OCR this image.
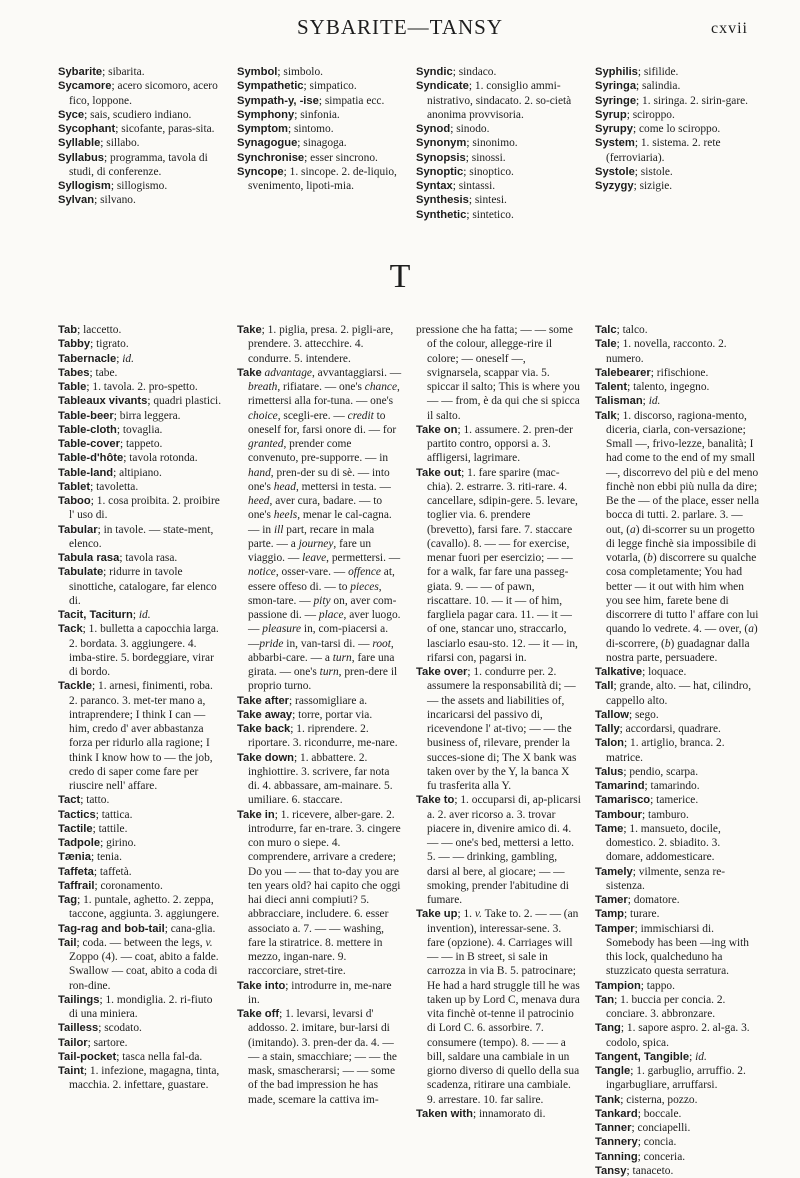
SYBARITE—TANSY	cxvii

Sybarite; sibarita.

Sycamore; acero sicomoro, acero fico, loppone.

Syce; sais, scudiero indiano.

Sycophant; sicofante, paras-sita.

Syllable; sillabo.

Syllabus; programma, tavola di studi, di conferenze.

Syllogism; sillogismo.

Sylvan; silvano.

Symbol; simbolo.

Sympathetic; simpatico.

Sympath-y, -ise; simpatia ecc.

Symphony; sinfonia.

Symptom; sintomo.

Synagogue; sinagoga.

Synchronise; esser sincrono.

Syncope; 1. sincope. 2. de-liquio, svenimento, lipoti-mia.

Syndic; sindaco.

Syndicate; 1. consiglio ammi-nistrativo, sindacato. 2. so-cietà anonima provvisoria.

Synod; sinodo.

Synonym; sinonimo.

Synopsis; sinossi.

Synoptic; sinoptico.

Syntax; sintassi.

Synthesis; sintesi.

Synthetic; sintetico.

Syphilis; sifilide.

Syringa; salindia.

Syringe; 1. siringa. 2. sirin-gare.

Syrup; sciroppo.

Syrupy; come lo sciroppo.

System; 1. sistema. 2. rete (ferroviaria).

Systole; sistole.

Syzygy; sizigie.

T

Tab; laccetto.

Tabby; tigrato.

Tabernacle; id.

Tabes; tabe.

Table; 1. tavola. 2. pro-spetto.

Tableaux vivants; quadri plastici.

Table-beer; birra leggera.

Table-cloth; tovaglia.

Table-cover; tappeto.

Table-d'hôte; tavola rotonda.

Table-land; altipiano.

Tablet; tavoletta.

Taboo; 1. cosa proibita. 2. proibire l' uso di.

Tabular; in tavole. — state-ment, elenco.

Tabula rasa; tavola rasa.

Tabulate; ridurre in tavole sinottiche, catalogare, far elenco di.

Tacit, Taciturn; id.

Tack; 1. bulletta a capocchia larga. 2. bordata. 3. aggiungere. 4. imba-stire. 5. bordeggiare, virar di bordo.

Tackle; 1. arnesi, finimenti, roba. 2. paranco. 3. met-ter mano a, intraprendere; I think I can — him, credo d' aver abbastanza forza per ridurlo alla ragione; I think I know how to — the job, credo di saper come fare per riuscire nell' affare.

Tact; tatto.

Tactics; tattica.

Tactile; tattile.

Tadpole; girino.

Tænia; tenia.

Taffeta; taffetà.

Taffrail; coronamento.

Tag; 1. puntale, aghetto. 2. zeppa, taccone, aggiunta. 3. aggiungere.

Tag-rag and bob-tail; cana-glia.

Tail; coda. — between the legs, v. Zoppo (4). — coat, abito a falde. Swallow — coat, abito a coda di ron-dine.

Tailings; 1. mondiglia. 2. ri-fiuto di una miniera.

Tailless; scodato.

Tailor; sartore.

Tail-pocket; tasca nella fal-da.

Taint; 1. infezione, magagna, tinta, macchia. 2. infettare, guastare.

Take; 1. piglia, presa. 2. pigli-are, prendere. 3. attecchire. 4. condurre. 5. intendere.

Take advantage, avvantaggiarsi. — breath, rifiatare. — one's chance, rimettersi alla for-tuna. — one's choice, scegli-ere. — credit to oneself for, farsi onore di. — for granted, prender come convenuto, pre-supporre. — in hand, pren-der su di sè. — into one's head, mettersi in testa. — heed, aver cura, badare. — to one's heels, menar le cal-cagna. — in ill part, recare in mala parte. — a journey, fare un viaggio. — leave, permettersi. — notice, osser-vare. — offence at, essere offeso di. — to pieces, smon-tare. — pity on, aver com-passione di. — place, aver luogo. — pleasure in, com-piacersi a. —pride in, van-tarsi di. — root, abbarbi-care. — a turn, fare una girata. — one's turn, pren-dere il proprio turno.

Take after; rassomigliare a.

Take away; torre, portar via.

Take back; 1. riprendere. 2. riportare. 3. ricondurre, me-nare.

Take down; 1. abbattere. 2. inghiottire. 3. scrivere, far nota di. 4. abbassare, am-mainare. 5. umiliare. 6. staccare.

Take in; 1. ricevere, alber-gare. 2. introdurre, far en-trare. 3. cingere con muro o siepe. 4. comprendere, arrivare a credere; Do you — — that to-day you are ten years old? hai capito che oggi hai dieci anni compiuti? 5. abbracciare, includere. 6. esser associato a. 7. — — washing, fare la stiratrice. 8. mettere in mezzo, ingan-nare. 9. raccorciare, stret-tire.

Take into; introdurre in, me-nare in.

Take off; 1. levarsi, levarsi d' addosso. 2. imitare, bur-larsi di (imitando). 3. pren-der da. 4. — — a stain, smacchiare; — — the mask, smascherarsi; — — some of the bad impression he has made, scemare la cattiva im-

pressione che ha fatta; — — some of the colour, allegge-rire il colore; — oneself —, svignarsela, scappar via. 5. spiccar il salto; This is where you — — from, è da qui che si spicca il salto.

Take on; 1. assumere. 2. pren-der partito contro, opporsi a. 3. affligersi, lagrimare.

Take out; 1. fare sparire (mac-chia). 2. estrarre. 3. riti-rare. 4. cancellare, sdipin-gere. 5. levare, toglier via. 6. prendere (brevetto), farsi fare. 7. staccare (cavallo). 8. — — for exercise, menar fuori per esercizio; — — for a walk, far fare una passeg-giata. 9. — — of pawn, riscattare. 10. — it — of him, fargliela pagar cara. 11. — it — of one, stancar uno, straccarlo, lasciarlo esau-sto. 12. — it — in, rifarsi con, pagarsi in.

Take over; 1. condurre per. 2. assumere la responsabilità di; — — the assets and liabilities of, incaricarsi del passivo di, ricevendone l' at-tivo; — — the business of, rilevare, prender la succes-sione di; The X bank was taken over by the Y, la banca X fu trasferita alla Y.

Take to; 1. occuparsi di, ap-plicarsi a. 2. aver ricorso a. 3. trovar piacere in, divenire amico di. 4. — — one's bed, mettersi a letto. 5. — — drinking, gambling, darsi al bere, al giocare; — — smoking, prender l'abitudine di fumare.

Take up; 1. v. Take to. 2. — — (an invention), interessar-sene. 3. fare (opzione). 4. Carriages will — — in B street, si sale in carrozza in via B. 5. patrocinare; He had a hard struggle till he was taken up by Lord C, menava dura vita finchè ot-tenne il patrocinio di Lord C. 6. assorbire. 7. consumere (tempo). 8. — — a bill, saldare una cambiale in un giorno diverso di quello della sua scadenza, ritirare una cambiale. 9. arrestare. 10. far salire.

Taken with; innamorato di.

Talc; talco.

Tale; 1. novella, racconto. 2. numero.

Talebearer; rifischione.

Talent; talento, ingegno.

Talisman; id.

Talk; 1. discorso, ragiona-mento, diceria, ciarla, con-versazione; Small —, frivo-lezze, banalità; I had come to the end of my small —, discorrevo del più e del meno finchè non ebbi più nulla da dire; Be the — of the place, esser nella bocca di tutti. 2. parlare. 3. — out, (a) di-scorrer su un progetto di legge finchè sia impossibile di votarla, (b) discorrere su qualche cosa completamente; You had better — it out with him when you see him, farete bene di discorrere di tutto l' affare con lui quando lo vedrete. 4. — over, (a) di-scorrere, (b) guadagnar dalla nostra parte, persuadere.

Talkative; loquace.

Tall; grande, alto. — hat, cilindro, cappello alto.

Tallow; sego.

Tally; accordarsi, quadrare.

Talon; 1. artiglio, branca. 2. matrice.

Talus; pendio, scarpa.

Tamarind; tamarindo.

Tamarisco; tamerice.

Tambour; tamburo.

Tame; 1. mansueto, docile, domestico. 2. sbiadito. 3. domare, addomesticare.

Tamely; vilmente, senza re-sistenza.

Tamer; domatore.

Tamp; turare.

Tamper; immischiarsi di. Somebody has been —ing with this lock, qualcheduno ha stuzzicato questa serratura.

Tampion; tappo.

Tan; 1. buccia per concia. 2. conciare. 3. abbronzare.

Tang; 1. sapore aspro. 2. al-ga. 3. codolo, spica.

Tangent, Tangible; id.

Tangle; 1. garbuglio, arruffio. 2. ingarbugliare, arruffarsi.

Tank; cisterna, pozzo.

Tankard; boccale.

Tanner; conciapelli.

Tannery; concia.

Tanning; conceria.

Tansy; tanaceto.
